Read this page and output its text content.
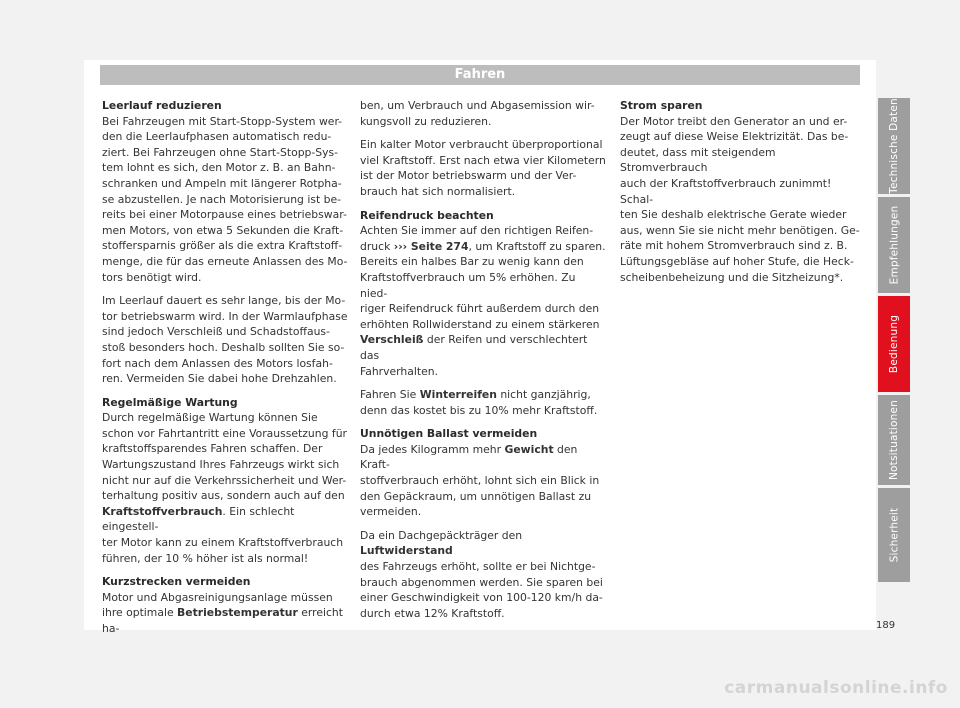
Fahren

Leerlauf reduzieren

Bei Fahrzeugen mit Start-Stopp-System wer-
den die Leerlaufphasen automatisch redu-
ziert. Bei Fahrzeugen ohne Start-Stopp-Sys-
tem lohnt es sich, den Motor z. B. an Bahn-
schranken und Ampeln mit längerer Rotpha-
se abzustellen. Je nach Motorisierung ist be-
reits bei einer Motorpause eines betriebswar-
men Motors, von etwa 5 Sekunden die Kraft-
stoffersparnis größer als die extra Kraftstoff-
menge, die für das erneute Anlassen des Mo-
tors benötigt wird.

Im Leerlauf dauert es sehr lange, bis der Mo-
tor betriebswarm wird. In der Warmlaufphase
sind jedoch Verschleiß und Schadstoffaus-
stoß besonders hoch. Deshalb sollten Sie so-
fort nach dem Anlassen des Motors losfah-
ren. Vermeiden Sie dabei hohe Drehzahlen.

Regelmäßige Wartung

Durch regelmäßige Wartung können Sie
schon vor Fahrtantritt eine Voraussetzung für
kraftstoffsparendes Fahren schaffen. Der
Wartungszustand Ihres Fahrzeugs wirkt sich
nicht nur auf die Verkehrssicherheit und Wer-
terhaltung positiv aus, sondern auch auf den
Kraftstoffverbrauch. Ein schlecht eingestell-
ter Motor kann zu einem Kraftstoffverbrauch
führen, der 10 % höher ist als normal!

Kurzstrecken vermeiden

Motor und Abgasreinigungsanlage müssen
ihre optimale Betriebstemperatur erreicht ha-

ben, um Verbrauch und Abgasemission wir-
kungsvoll zu reduzieren.

Ein kalter Motor verbraucht überproportional
viel Kraftstoff. Erst nach etwa vier Kilometern
ist der Motor betriebswarm und der Ver-
brauch hat sich normalisiert.

Reifendruck beachten

Achten Sie immer auf den richtigen Reifen-
druck ››› Seite 274, um Kraftstoff zu sparen.
Bereits ein halbes Bar zu wenig kann den
Kraftstoffverbrauch um 5% erhöhen. Zu nied-
riger Reifendruck führt außerdem durch den
erhöhten Rollwiderstand zu einem stärkeren
Verschleiß der Reifen und verschlechtert das
Fahrverhalten.

Fahren Sie Winterreifen nicht ganzjährig,
denn das kostet bis zu 10% mehr Kraftstoff.

Unnötigen Ballast vermeiden

Da jedes Kilogramm mehr Gewicht den Kraft-
stoffverbrauch erhöht, lohnt sich ein Blick in
den Gepäckraum, um unnötigen Ballast zu
vermeiden.

Da ein Dachgepäckträger den Luftwiderstand
des Fahrzeugs erhöht, sollte er bei Nichtge-
brauch abgenommen werden. Sie sparen bei
einer Geschwindigkeit von 100-120 km/h da-
durch etwa 12% Kraftstoff.

Strom sparen

Der Motor treibt den Generator an und er-
zeugt auf diese Weise Elektrizität. Das be-
deutet, dass mit steigendem Stromverbrauch
auch der Kraftstoffverbrauch zunimmt! Schal-
ten Sie deshalb elektrische Gerate wieder
aus, wenn Sie sie nicht mehr benötigen. Ge-
räte mit hohem Stromverbrauch sind z. B.
Lüftungsgebläse auf hoher Stufe, die Heck-
scheibenbeheizung und die Sitzheizung*.

Technische Daten
Empfehlungen
Bedienung
Notsituationen
Sicherheit
189
carmanualsonline.info
